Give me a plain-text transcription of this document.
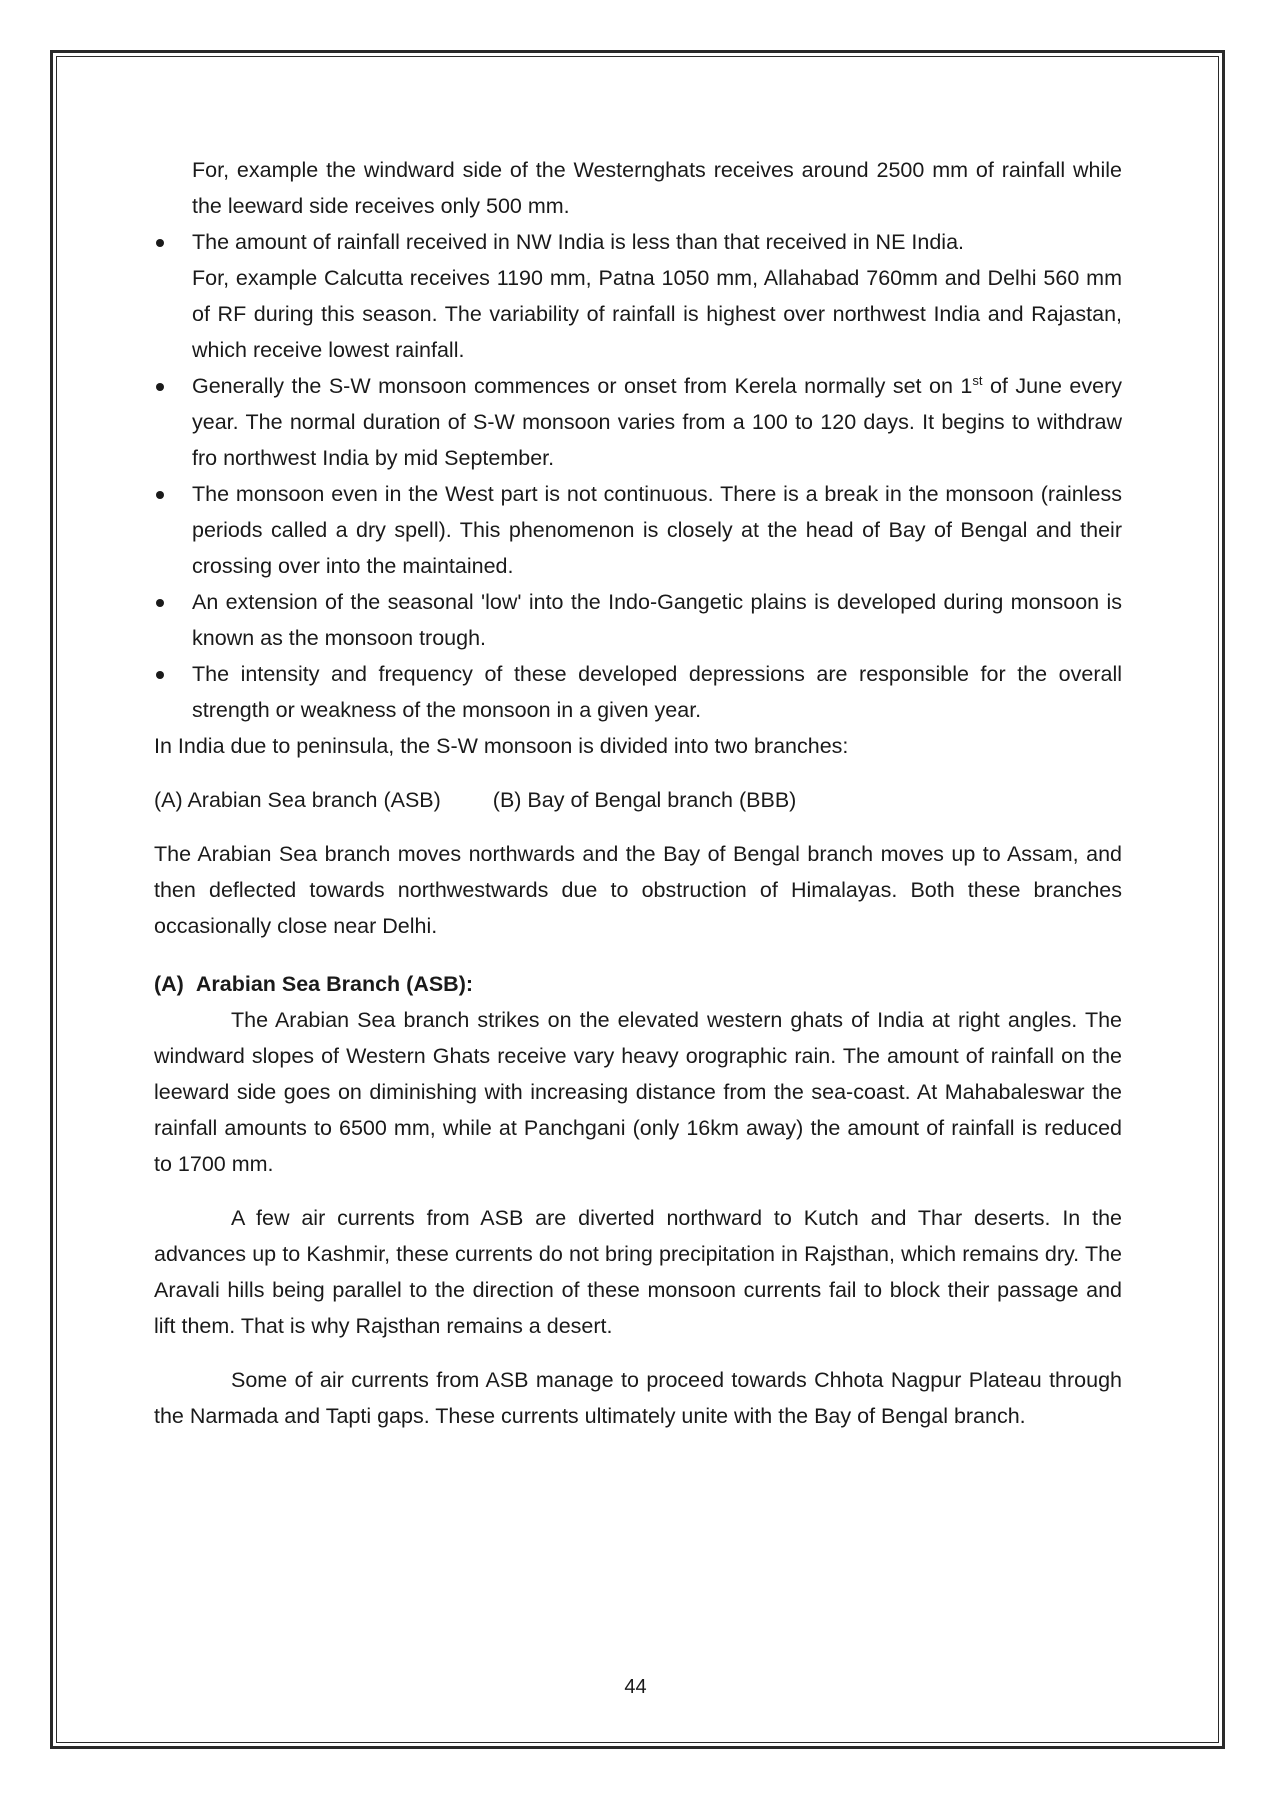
For, example the windward side of the Westernghats receives around 2500 mm of rainfall while the leeward side receives only 500 mm.

The amount of rainfall received in NW India is less than that received in NE India.
For, example Calcutta receives 1190 mm, Patna 1050 mm, Allahabad 760mm and Delhi 560 mm of RF during this season. The variability of rainfall is highest over northwest India and Rajastan, which receive lowest rainfall.
Generally the S-W monsoon commences or onset from Kerela normally set on 1st of June every year. The normal duration of S-W monsoon varies from a 100 to 120 days. It begins to withdraw fro northwest India by mid September.
The monsoon even in the West part is not continuous. There is a break in the monsoon (rainless periods called a dry spell). This phenomenon is closely at the head of Bay of Bengal and their crossing over into the maintained.
An extension of the seasonal 'low' into the Indo-Gangetic plains is developed during monsoon is known as the monsoon trough.
The intensity and frequency of these developed depressions are responsible for the overall strength or weakness of the monsoon in a given year.

In India due to peninsula, the S-W monsoon is divided into two branches:

(A) Arabian Sea branch (ASB) (B) Bay of Bengal branch (BBB)

The Arabian Sea branch moves northwards and the Bay of Bengal branch moves up to Assam, and then deflected towards northwestwards due to obstruction of Himalayas. Both these branches occasionally close near Delhi.

(A) Arabian Sea Branch (ASB):

The Arabian Sea branch strikes on the elevated western ghats of India at right angles. The windward slopes of Western Ghats receive vary heavy orographic rain. The amount of rainfall on the leeward side goes on diminishing with increasing distance from the sea-coast. At Mahabaleswar the rainfall amounts to 6500 mm, while at Panchgani (only 16km away) the amount of rainfall is reduced to 1700 mm.

A few air currents from ASB are diverted northward to Kutch and Thar deserts. In the advances up to Kashmir, these currents do not bring precipitation in Rajsthan, which remains dry. The Aravali hills being parallel to the direction of these monsoon currents fail to block their passage and lift them. That is why Rajsthan remains a desert.

Some of air currents from ASB manage to proceed towards Chhota Nagpur Plateau through the Narmada and Tapti gaps. These currents ultimately unite with the Bay of Bengal branch.

44
